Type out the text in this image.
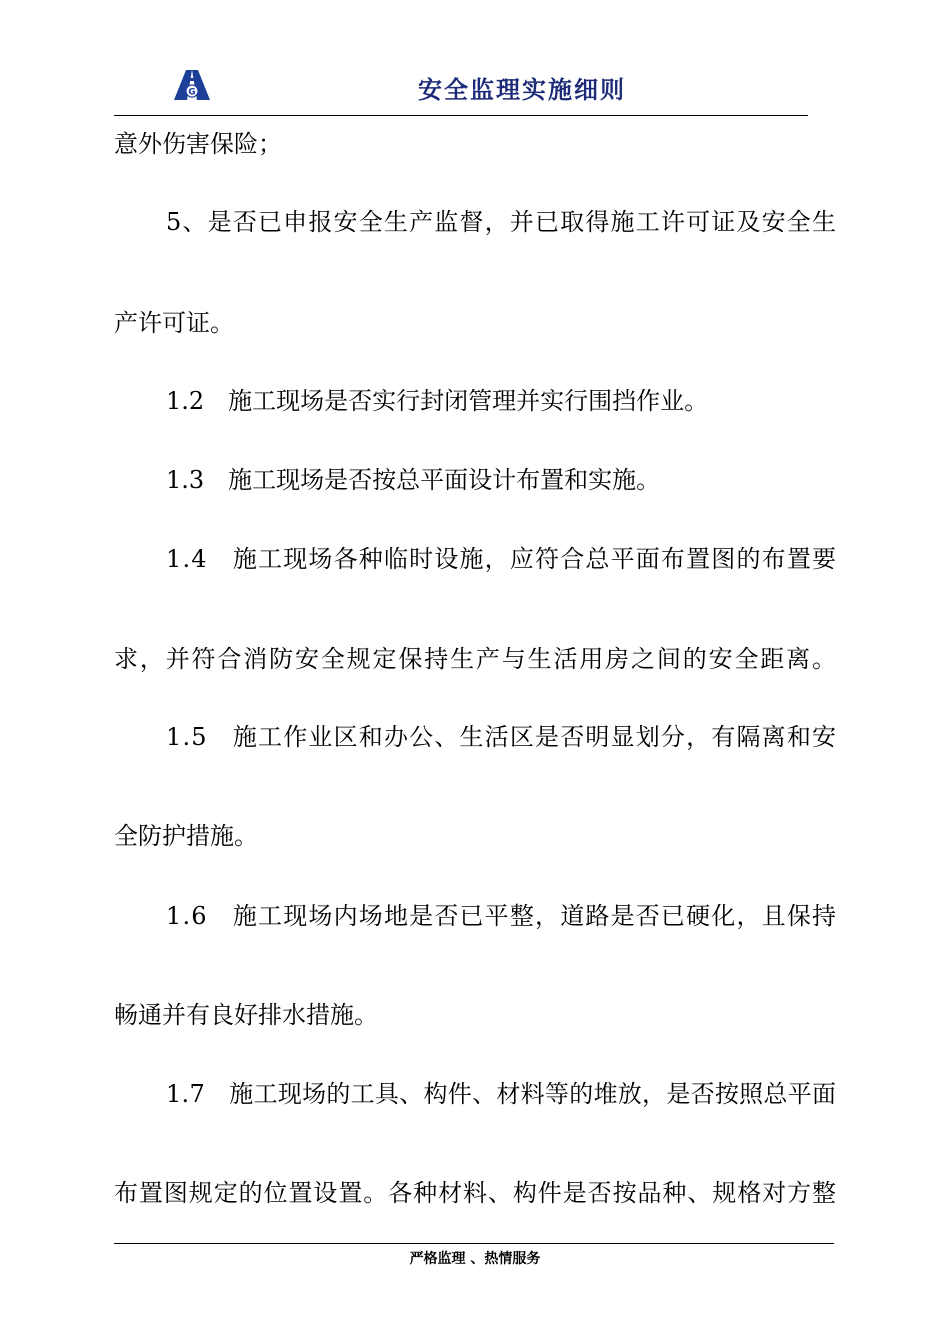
G	安全监理实施细则
意外伤害保险；
5、是否已申报安全生产监督，并已取得施工许可证及安全生
产许可证。
1.2　施工现场是否实行封闭管理并实行围挡作业。
1.3　施工现场是否按总平面设计布置和实施。
1.4　施工现场各种临时设施，应符合总平面布置图的布置要
求，并符合消防安全规定保持生产与生活用房之间的安全距离。
1.5　施工作业区和办公、生活区是否明显划分，有隔离和安
全防护措施。
1.6　施工现场内场地是否已平整，道路是否已硬化，且保持
畅通并有良好排水措施。
1.7　施工现场的工具、构件、材料等的堆放，是否按照总平面
布置图规定的位置设置。各种材料、构件是否按品种、规格对方整
严格监理 、热情服务
